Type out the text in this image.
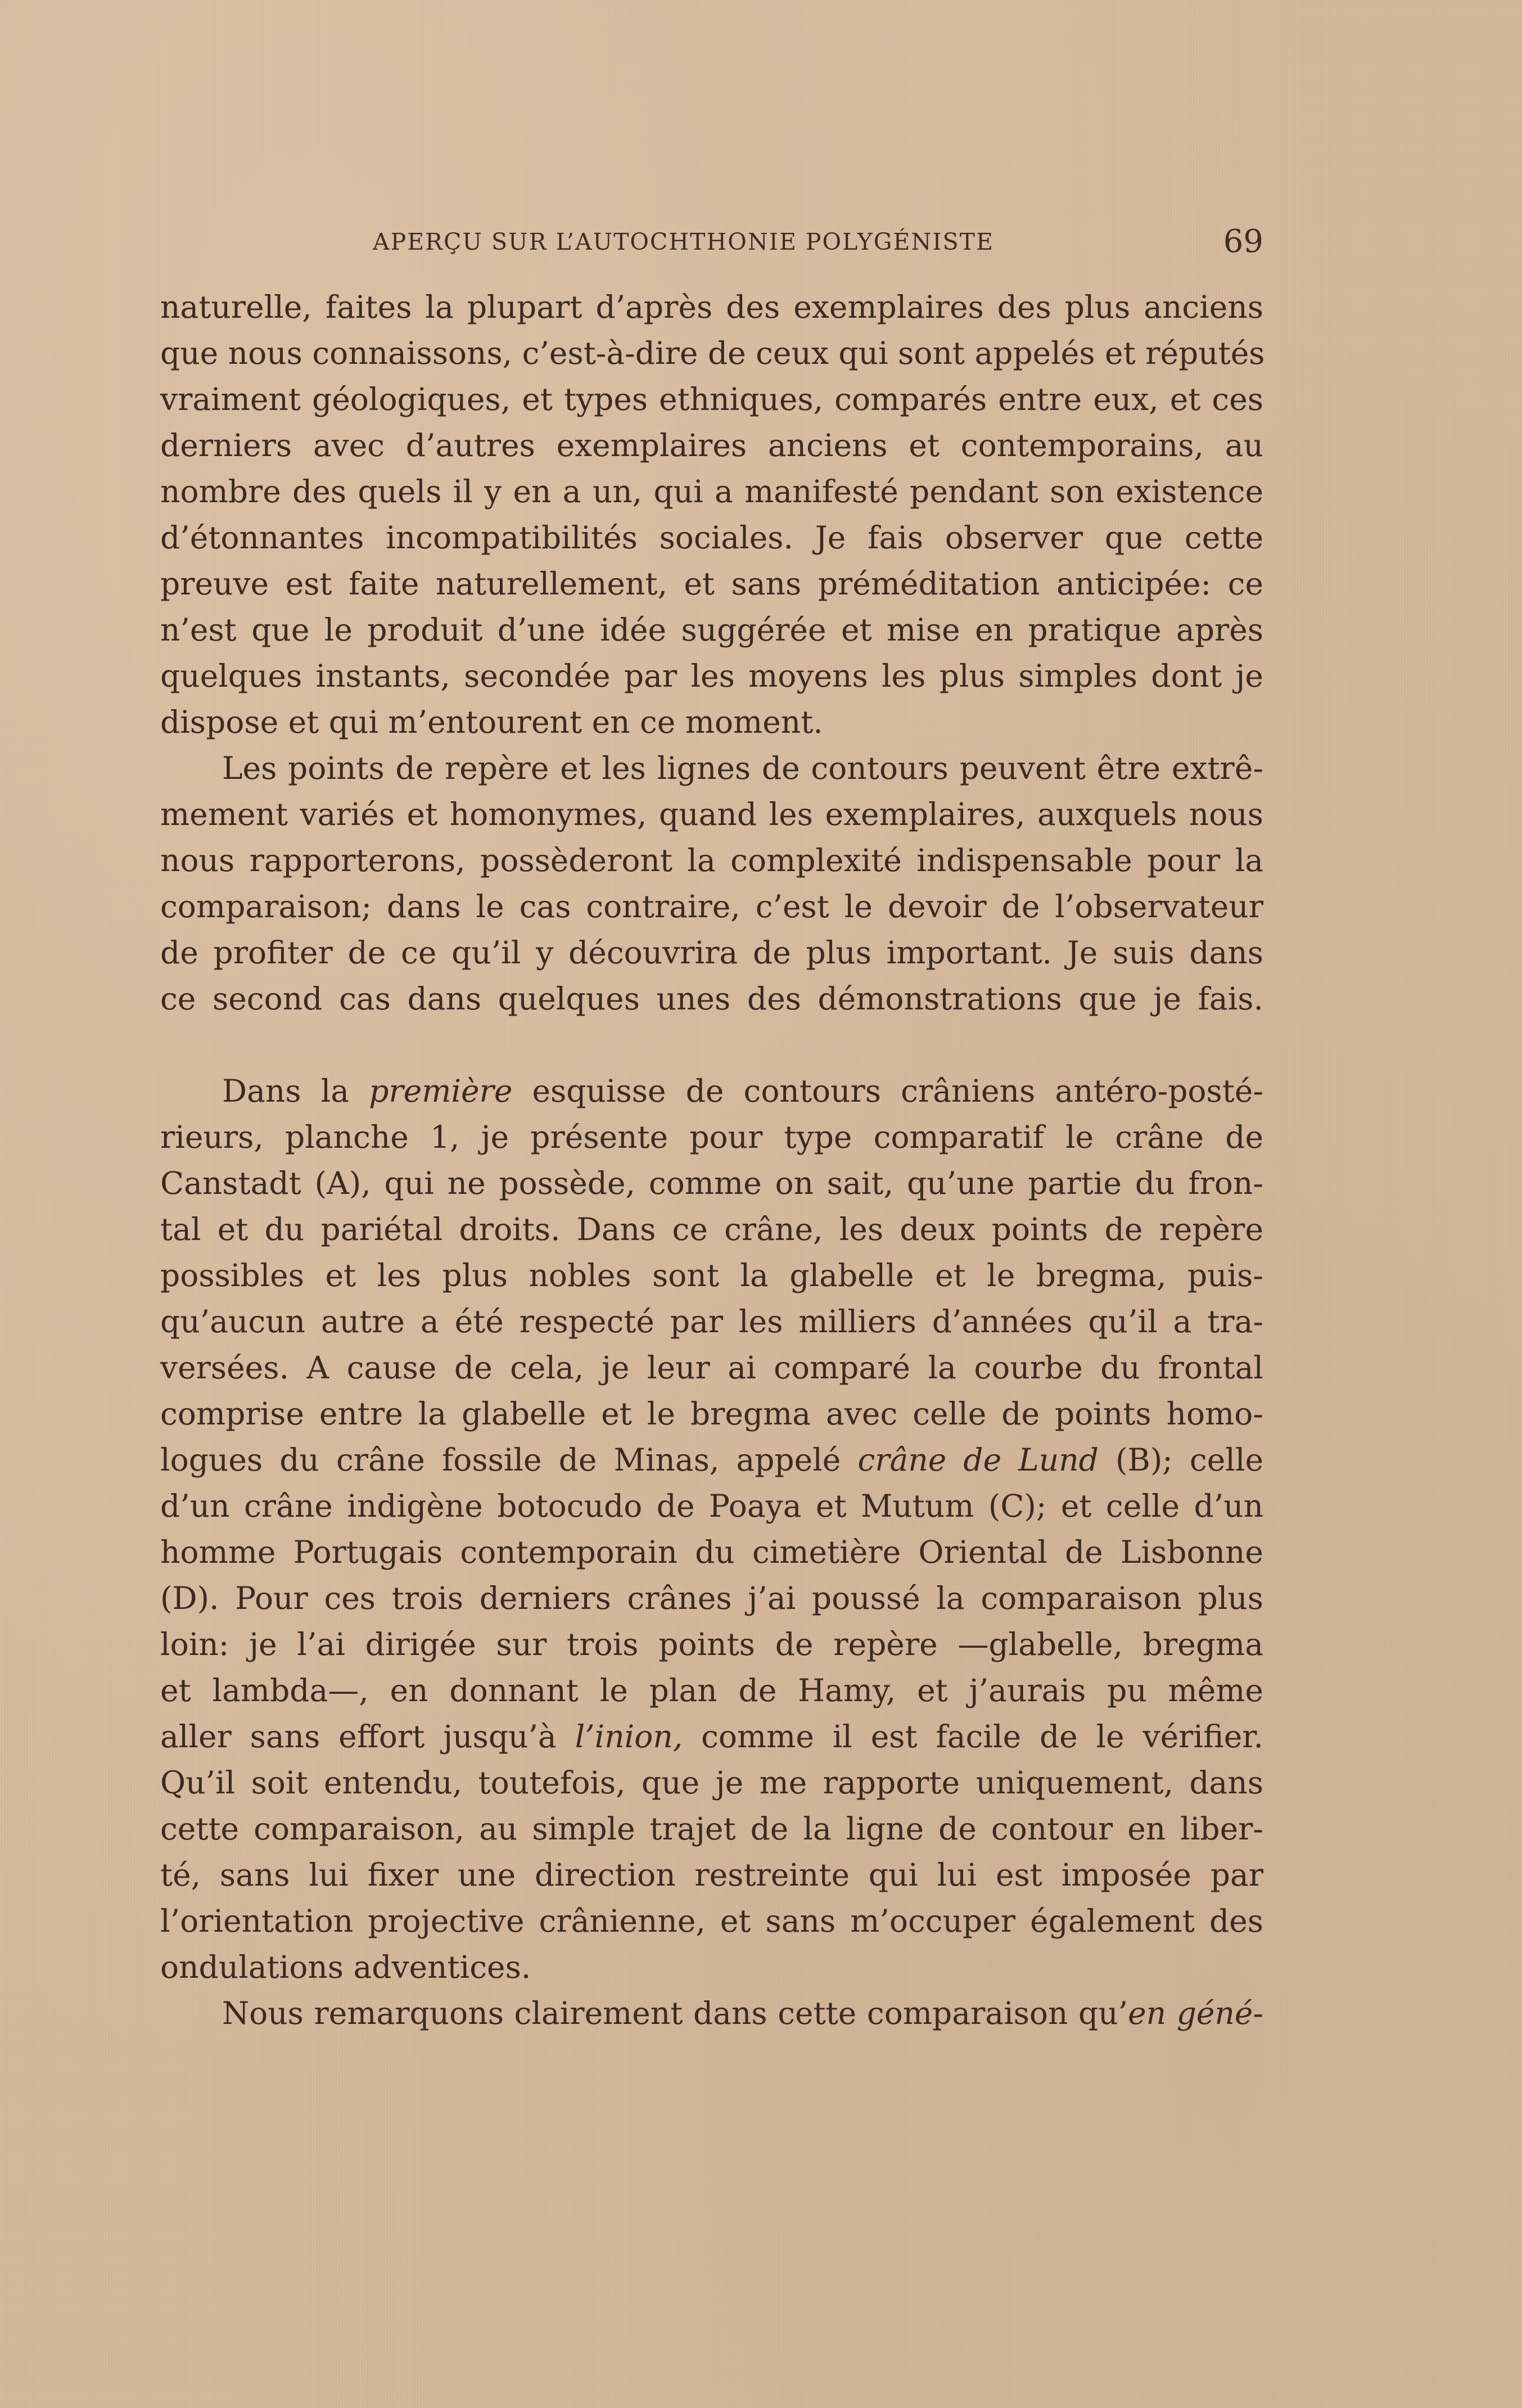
APERÇU SUR L’AUTOCHTHONIE POLYGÉNISTE	69
naturelle, faites la plupart d’après des exemplaires des plus anciens
que nous connaissons, c’est-à-dire de ceux qui sont appelés et réputés
vraiment géologiques, et types ethniques, comparés entre eux, et ces
derniers avec d’autres exemplaires anciens et contemporains, au
nombre des quels il y en a un, qui a manifesté pendant son existence
d’étonnantes incompatibilités sociales. Je fais observer que cette
preuve est faite naturellement, et sans préméditation anticipée: ce
n’est que le produit d’une idée suggérée et mise en pratique après
quelques instants, secondée par les moyens les plus simples dont je
dispose et qui m’entourent en ce moment.
Les points de repère et les lignes de contours peuvent être extrê-
mement variés et homonymes, quand les exemplaires, auxquels nous
nous rapporterons, possèderont la complexité indispensable pour la
comparaison; dans le cas contraire, c’est le devoir de l’observateur
de profiter de ce qu’il y découvrira de plus important. Je suis dans
ce second cas dans quelques unes des démonstrations que je fais.
Dans la première esquisse de contours crâniens antéro-posté-
rieurs, planche 1, je présente pour type comparatif le crâne de
Canstadt (A), qui ne possède, comme on sait, qu’une partie du fron-
tal et du pariétal droits. Dans ce crâne, les deux points de repère
possibles et les plus nobles sont la glabelle et le bregma, puis-
qu’aucun autre a été respecté par les milliers d’années qu’il a tra-
versées. A cause de cela, je leur ai comparé la courbe du frontal
comprise entre la glabelle et le bregma avec celle de points homo-
logues du crâne fossile de Minas, appelé crâne de Lund (B); celle
d’un crâne indigène botocudo de Poaya et Mutum (C); et celle d’un
homme Portugais contemporain du cimetière Oriental de Lisbonne
(D). Pour ces trois derniers crânes j’ai poussé la comparaison plus
loin: je l’ai dirigée sur trois points de repère —glabelle, bregma
et lambda—, en donnant le plan de Hamy, et j’aurais pu même
aller sans effort jusqu’à l’inion, comme il est facile de le vérifier.
Qu’il soit entendu, toutefois, que je me rapporte uniquement, dans
cette comparaison, au simple trajet de la ligne de contour en liber-
té, sans lui fixer une direction restreinte qui lui est imposée par
l’orientation projective crânienne, et sans m’occuper également des
ondulations adventices.
Nous remarquons clairement dans cette comparaison qu’en géné-
